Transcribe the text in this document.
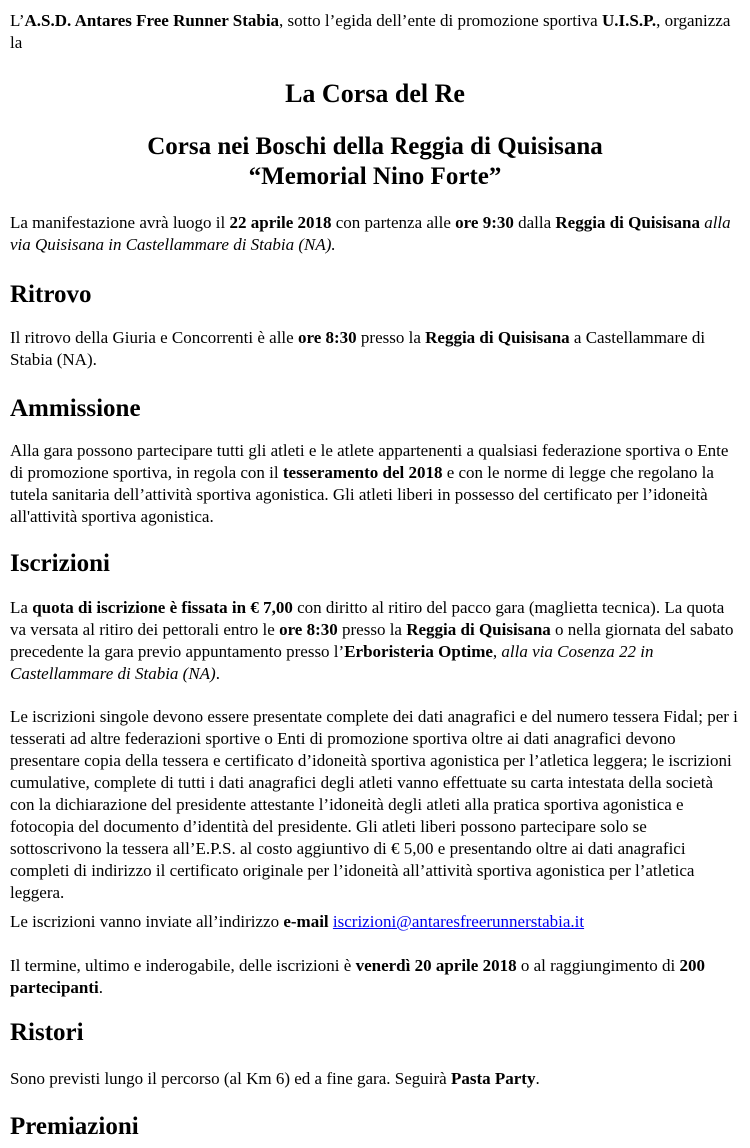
L’A.S.D. Antares Free Runner Stabia, sotto l’egida dell’ente di promozione sportiva U.I.S.P., organizza la

La Corsa del Re
Corsa nei Boschi della Reggia di Quisisana
“Memorial Nino Forte”

La manifestazione avrà luogo il 22 aprile 2018 con partenza alle ore 9:30 dalla Reggia di Quisisana alla via Quisisana in Castellammare di Stabia (NA).

Ritrovo

Il ritrovo della Giuria e Concorrenti è alle ore 8:30 presso la Reggia di Quisisana a Castellammare di Stabia (NA).

Ammissione

Alla gara possono partecipare tutti gli atleti e le atlete appartenenti a qualsiasi federazione sportiva o Ente di promozione sportiva, in regola con il tesseramento del 2018 e con le norme di legge che regolano la tutela sanitaria dell’attività sportiva agonistica. Gli atleti liberi in possesso del certificato per l’idoneità all'attività sportiva agonistica.

Iscrizioni

La quota di iscrizione è fissata in € 7,00 con diritto al ritiro del pacco gara (maglietta tecnica). La quota va versata al ritiro dei pettorali entro le ore 8:30 presso la Reggia di Quisisana o nella giornata del sabato precedente la gara previo appuntamento presso l’Erboristeria Optime, alla via Cosenza 22 in Castellammare di Stabia (NA).

Le iscrizioni singole devono essere presentate complete dei dati anagrafici e del numero tessera Fidal; per i tesserati ad altre federazioni sportive o Enti di promozione sportiva oltre ai dati anagrafici devono presentare copia della tessera e certificato d’idoneità sportiva agonistica per l’atletica leggera; le iscrizioni cumulative, complete di tutti i dati anagrafici degli atleti vanno effettuate su carta intestata della società con la dichiarazione del presidente attestante l’idoneità degli atleti alla pratica sportiva agonistica e fotocopia del documento d’identità del presidente. Gli atleti liberi possono partecipare solo se sottoscrivono la tessera all’E.P.S. al costo aggiuntivo di € 5,00 e presentando oltre ai dati anagrafici completi di indirizzo il certificato originale per l’idoneità all’attività sportiva agonistica per l’atletica leggera.

Le iscrizioni vanno inviate all’indirizzo e-mail iscrizioni@antaresfreerunnerstabia.it

Il termine, ultimo e inderogabile, delle iscrizioni è venerdì 20 aprile 2018 o al raggiungimento di 200 partecipanti.

Ristori

Sono previsti lungo il percorso (al Km 6) ed a fine gara. Seguirà Pasta Party.

Premiazioni
